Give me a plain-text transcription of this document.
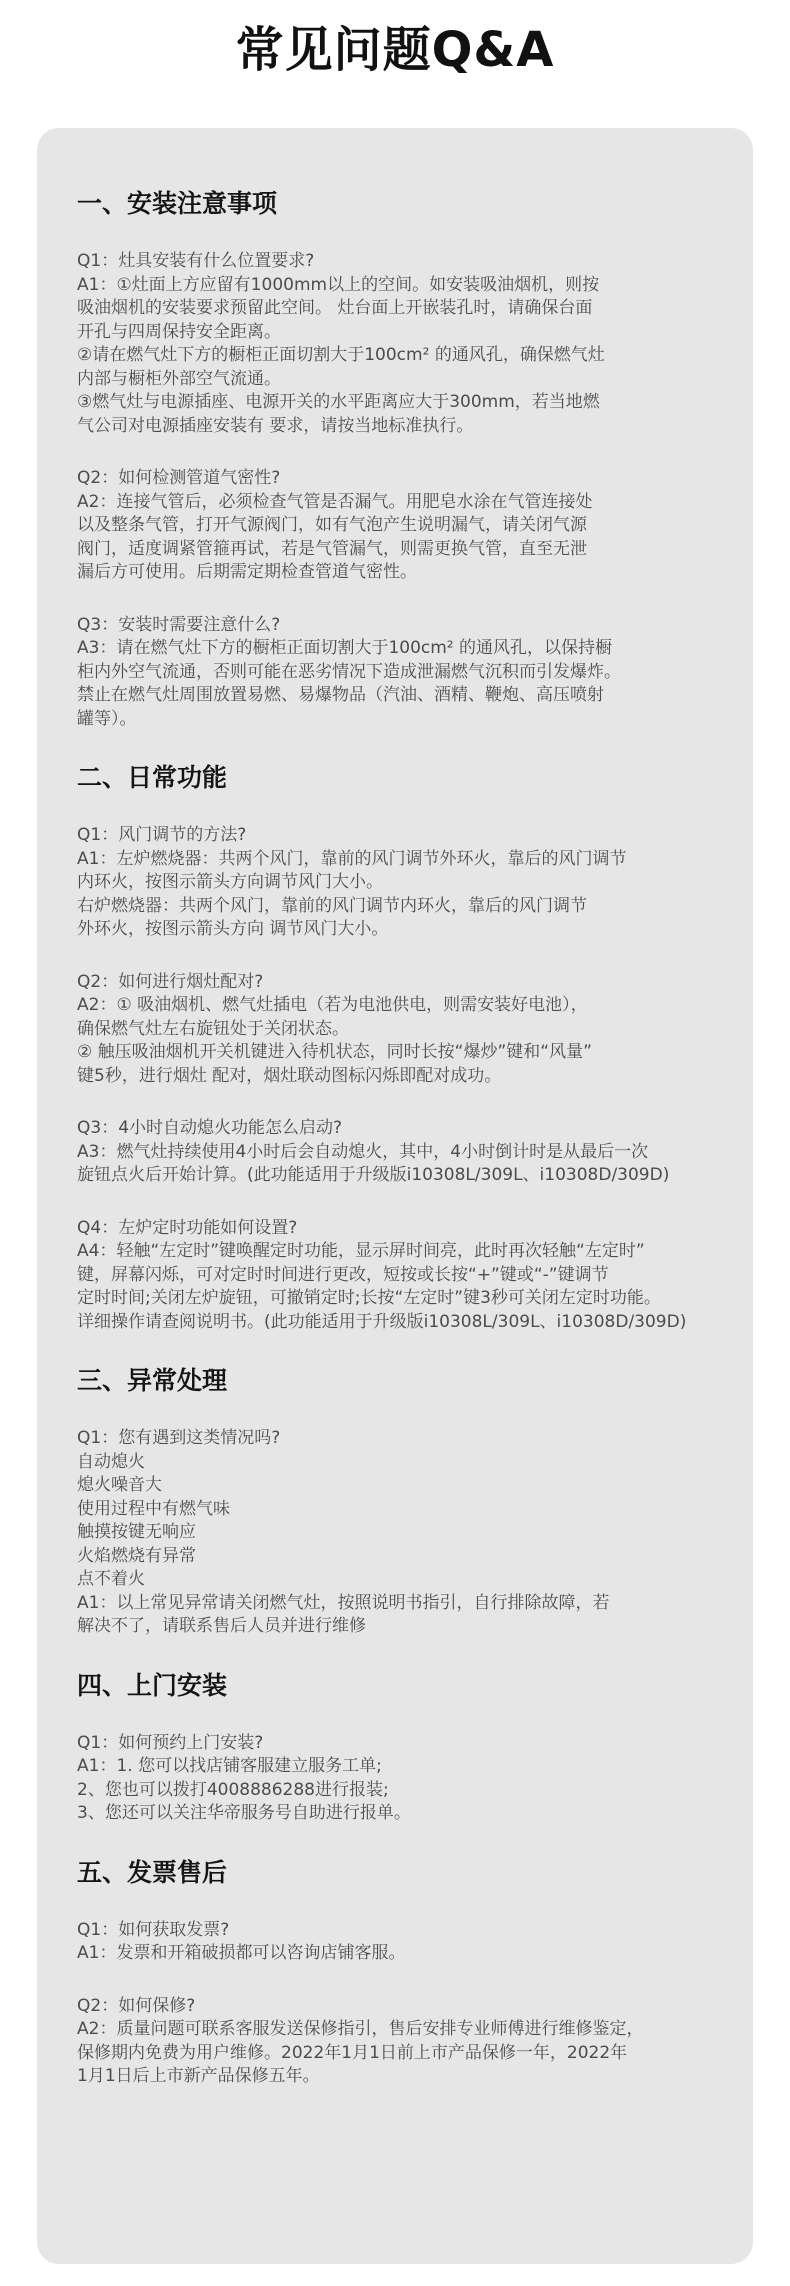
常见问题Q&A
一、安装注意事项
Q1：灶具安装有什么位置要求?
A1：①灶面上方应留有1000mm以上的空间。如安装吸油烟机，则按
吸油烟机的安装要求预留此空间。 灶台面上开嵌装孔时，请确保台面
开孔与四周保持安全距离。
②请在燃气灶下方的橱柜正面切割大于100cm² 的通风孔，确保燃气灶
内部与橱柜外部空气流通。
③燃气灶与电源插座、电源开关的水平距离应大于300mm，若当地燃
气公司对电源插座安装有 要求，请按当地标准执行。
Q2：如何检测管道气密性?
A2：连接气管后，必须检查气管是否漏气。用肥皂水涂在气管连接处
以及整条气管，打开气源阀门，如有气泡产生说明漏气，请关闭气源
阀门，适度调紧管箍再试，若是气管漏气，则需更换气管，直至无泄
漏后方可使用。后期需定期检查管道气密性。
Q3：安装时需要注意什么?
A3：请在燃气灶下方的橱柜正面切割大于100cm² 的通风孔，以保持橱
柜内外空气流通，否则可能在恶劣情况下造成泄漏燃气沉积而引发爆炸。
禁止在燃气灶周围放置易燃、易爆物品（汽油、酒精、鞭炮、高压喷射
罐等）。
二、日常功能
Q1：风门调节的方法?
A1：左炉燃烧器：共两个风门，靠前的风门调节外环火，靠后的风门调节
内环火，按图示箭头方向调节风门大小。
右炉燃烧器：共两个风门，靠前的风门调节内环火，靠后的风门调节
外环火，按图示箭头方向 调节风门大小。
Q2：如何进行烟灶配对?
A2：① 吸油烟机、燃气灶插电（若为电池供电，则需安装好电池），
确保燃气灶左右旋钮处于关闭状态。
② 触压吸油烟机开关机键进入待机状态，同时长按“爆炒”键和“风量”
键5秒，进行烟灶 配对，烟灶联动图标闪烁即配对成功。
Q3：4小时自动熄火功能怎么启动?
A3：燃气灶持续使用4小时后会自动熄火，其中，4小时倒计时是从最后一次
旋钮点火后开始计算。(此功能适用于升级版i10308L/309L、i10308D/309D)
Q4：左炉定时功能如何设置?
A4：轻触“左定时”键唤醒定时功能，显示屏时间亮，此时再次轻触“左定时”
键，屏幕闪烁，可对定时时间进行更改，短按或长按“+”键或“-”键调节
定时时间;关闭左炉旋钮，可撤销定时;长按“左定时”键3秒可关闭左定时功能。
详细操作请查阅说明书。(此功能适用于升级版i10308L/309L、i10308D/309D)
三、异常处理
Q1：您有遇到这类情况吗?
自动熄火
熄火噪音大
使用过程中有燃气味
触摸按键无响应
火焰燃烧有异常
点不着火
A1：以上常见异常请关闭燃气灶，按照说明书指引，自行排除故障，若
解决不了，请联系售后人员并进行维修
四、上门安装
Q1：如何预约上门安装?
A1：1. 您可以找店铺客服建立服务工单;
2、您也可以拨打4008886288进行报装;
3、您还可以关注华帝服务号自助进行报单。
五、发票售后
Q1：如何获取发票?
A1：发票和开箱破损都可以咨询店铺客服。
Q2：如何保修?
A2：质量问题可联系客服发送保修指引，售后安排专业师傅进行维修鉴定，
保修期内免费为用户维修。2022年1月1日前上市产品保修一年，2022年
1月1日后上市新产品保修五年。
